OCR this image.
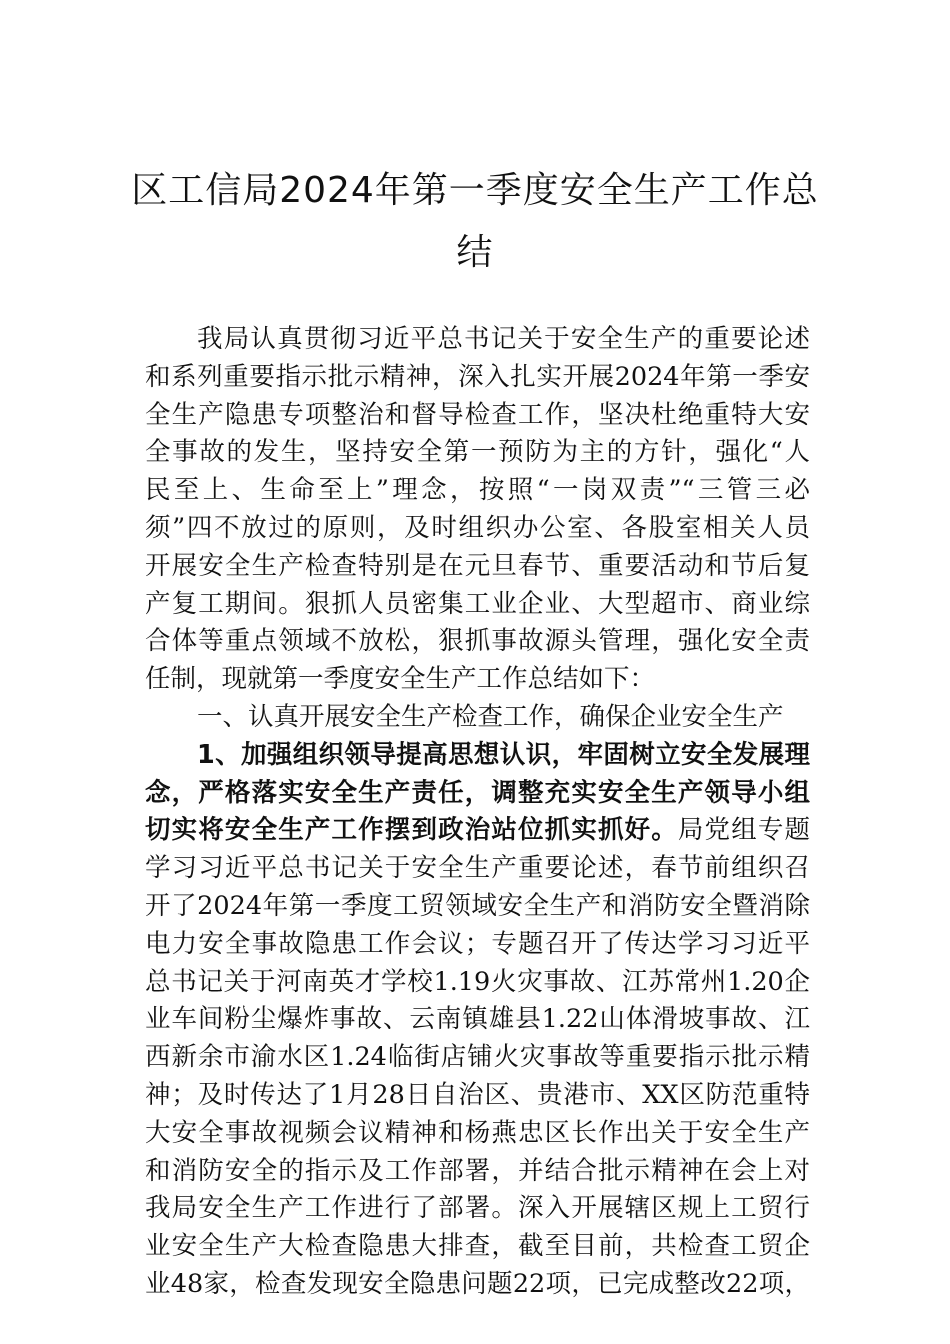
区工信局2024年第一季度安全生产工作总
结
我局认真贯彻习近平总书记关于安全生产的重要论述
和系列重要指示批示精神，深入扎实开展2024年第一季安
全生产隐患专项整治和督导检查工作，坚决杜绝重特大安
全事故的发生，坚持安全第一预防为主的方针，强化“人
民至上、生命至上”理念，按照“一岗双责”“三管三必
须”四不放过的原则，及时组织办公室、各股室相关人员
开展安全生产检查特别是在元旦春节、重要活动和节后复
产复工期间。狠抓人员密集工业企业、大型超市、商业综
合体等重点领域不放松，狠抓事故源头管理，强化安全责
任制，现就第一季度安全生产工作总结如下：
一、认真开展安全生产检查工作，确保企业安全生产
1、加强组织领导提高思想认识，牢固树立安全发展理
念，严格落实安全生产责任，调整充实安全生产领导小组
切实将安全生产工作摆到政治站位抓实抓好。局党组专题
学习习近平总书记关于安全生产重要论述，春节前组织召
开了2024年第一季度工贸领域安全生产和消防安全暨消除
电力安全事故隐患工作会议；专题召开了传达学习习近平
总书记关于河南英才学校1.19火灾事故、江苏常州1.20企
业车间粉尘爆炸事故、云南镇雄县1.22山体滑坡事故、江
西新余市渝水区1.24临街店铺火灾事故等重要指示批示精
神；及时传达了1月28日自治区、贵港市、XX区防范重特
大安全事故视频会议精神和杨燕忠区长作出关于安全生产
和消防安全的指示及工作部署，并结合批示精神在会上对
我局安全生产工作进行了部署。深入开展辖区规上工贸行
业安全生产大检查隐患大排查，截至目前，共检查工贸企
业48家，检查发现安全隐患问题22项，已完成整改22项，
